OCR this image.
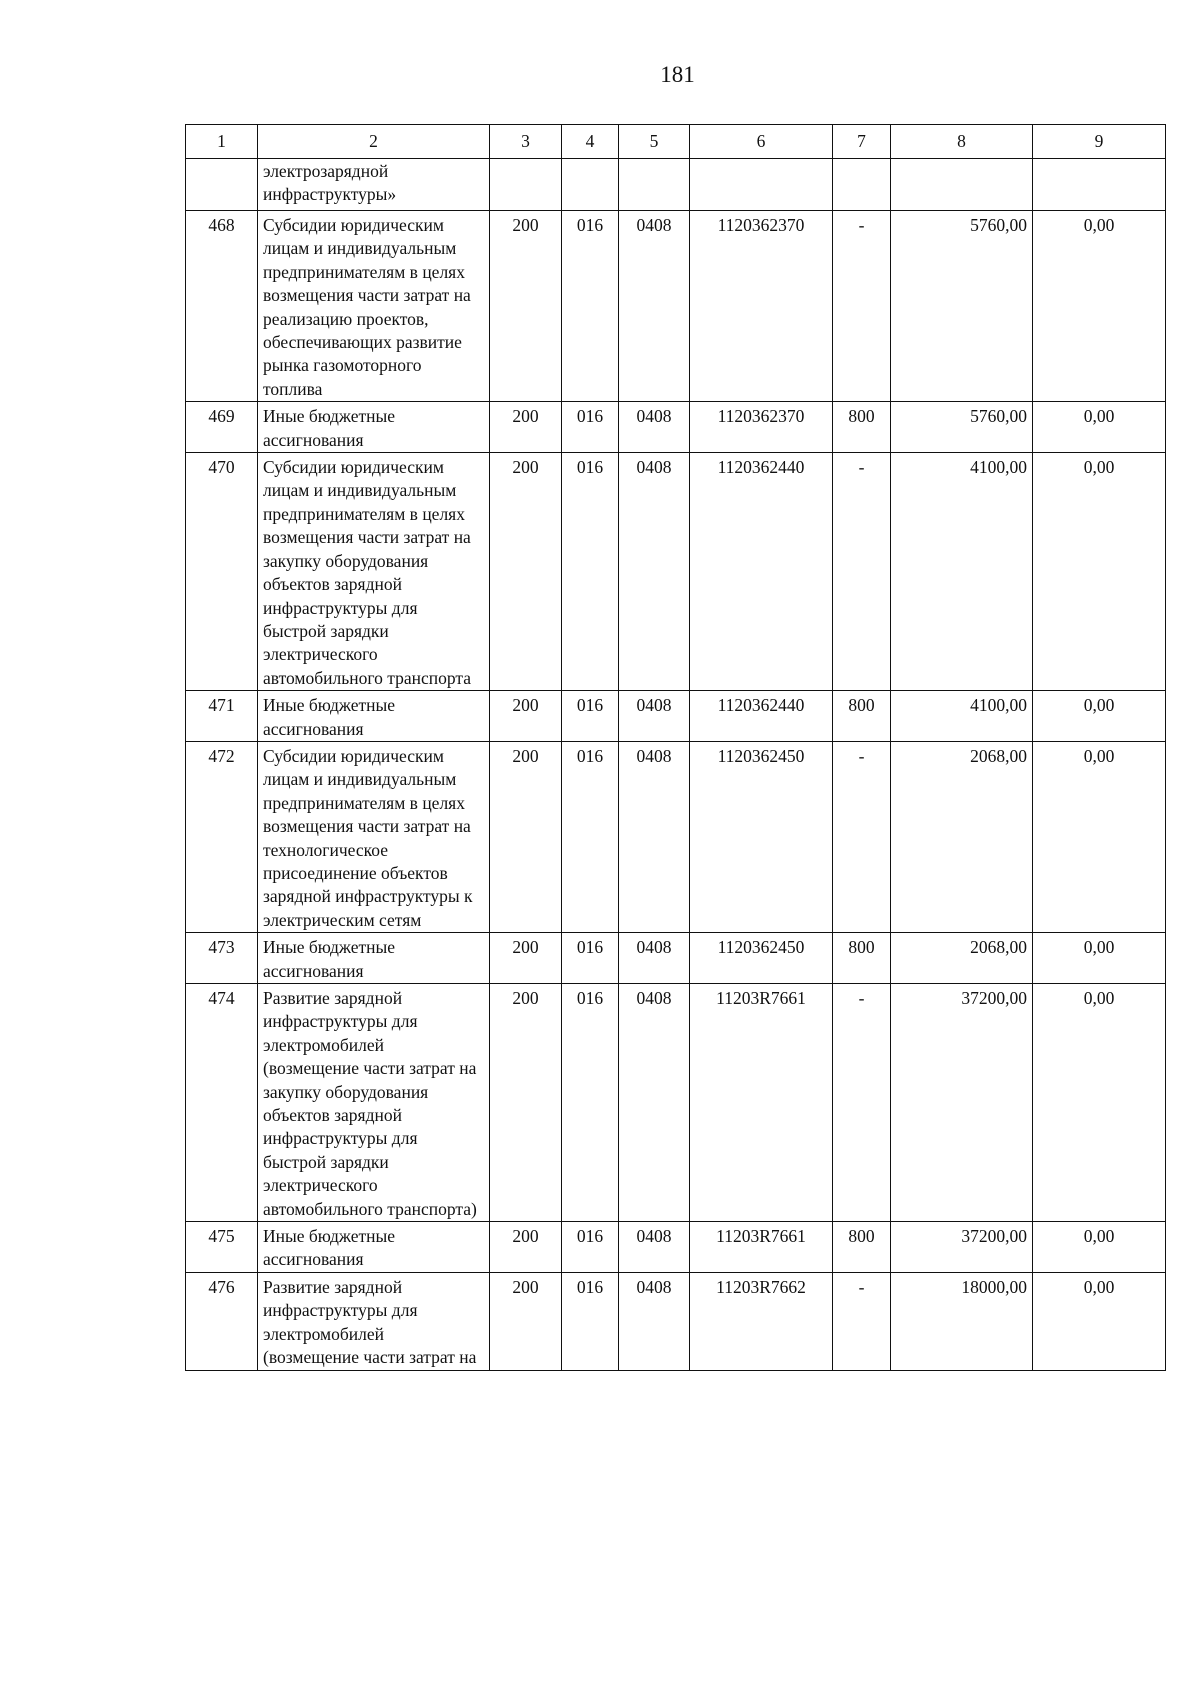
181
1	2	3	4	5	6	7	8	9
	электрозарядной инфраструктуры»							
468	Субсидии юридическим лицам и индивидуальным предпринимателям в целях возмещения части затрат на реализацию проектов, обеспечивающих развитие рынка газомоторного топлива	200	016	0408	1120362370	-	5760,00	0,00
469	Иные бюджетные ассигнования	200	016	0408	1120362370	800	5760,00	0,00
470	Субсидии юридическим лицам и индивидуальным предпринимателям в целях возмещения части затрат на закупку оборудования объектов зарядной инфраструктуры для быстрой зарядки электрического автомобильного транспорта	200	016	0408	1120362440	-	4100,00	0,00
471	Иные бюджетные ассигнования	200	016	0408	1120362440	800	4100,00	0,00
472	Субсидии юридическим лицам и индивидуальным предпринимателям в целях возмещения части затрат на технологическое присоединение объектов зарядной инфраструктуры к электрическим сетям	200	016	0408	1120362450	-	2068,00	0,00
473	Иные бюджетные ассигнования	200	016	0408	1120362450	800	2068,00	0,00
474	Развитие зарядной инфраструктуры для электромобилей (возмещение части затрат на закупку оборудования объектов зарядной инфраструктуры для быстрой зарядки электрического автомобильного транспорта)	200	016	0408	11203R7661	-	37200,00	0,00
475	Иные бюджетные ассигнования	200	016	0408	11203R7661	800	37200,00	0,00
476	Развитие зарядной инфраструктуры для электромобилей (возмещение части затрат на	200	016	0408	11203R7662	-	18000,00	0,00
